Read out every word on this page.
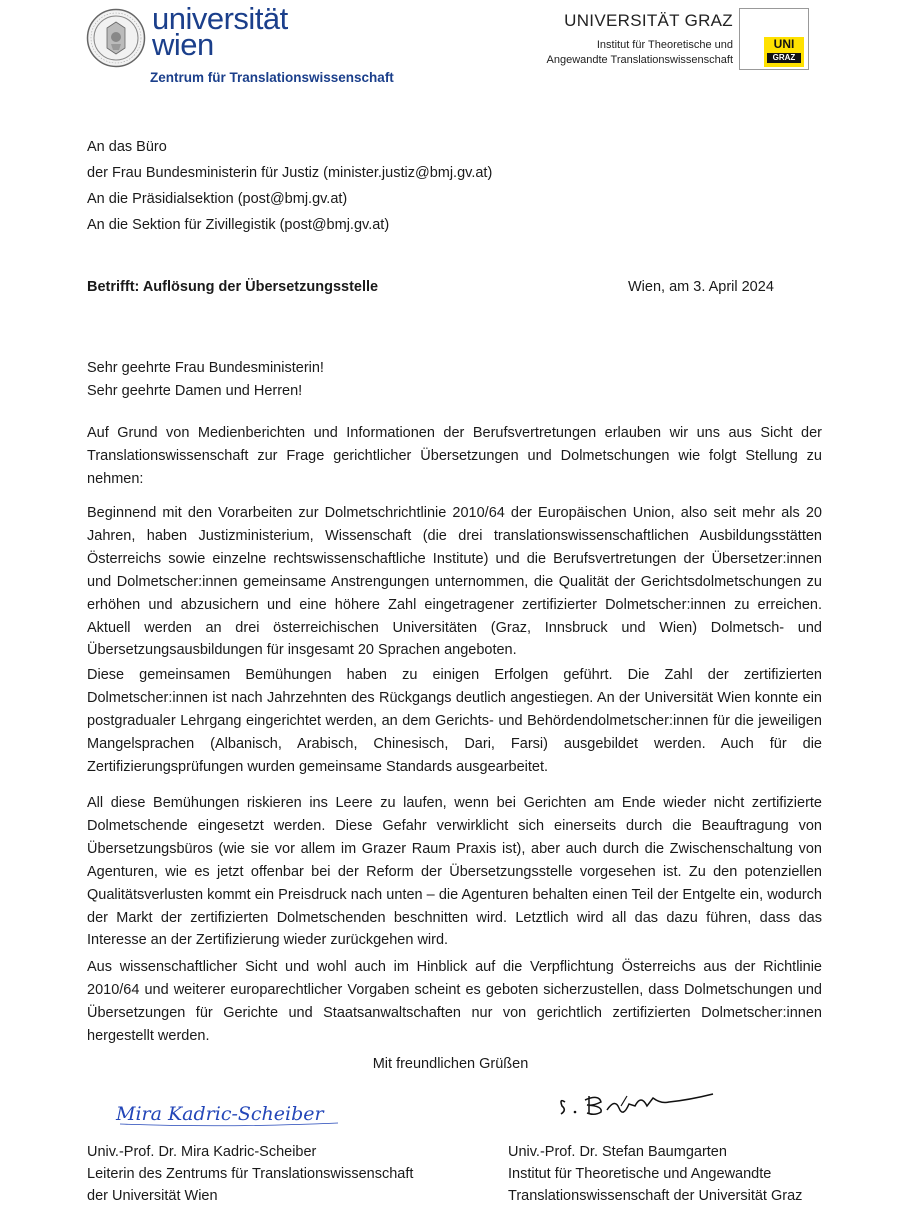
universität
wien
Zentrum für Translationswissenschaft
UNIVERSITÄT GRAZ
Institut für Theoretische und
Angewandte Translationswissenschaft
UNI
GRAZ
An das Büro
der Frau Bundesministerin für Justiz (minister.justiz@bmj.gv.at)
An die Präsidialsektion (post@bmj.gv.at)
An die Sektion für Zivillegistik (post@bmj.gv.at)
Betrifft: Auflösung der Übersetzungsstelle	Wien, am 3. April 2024
Sehr geehrte Frau Bundesministerin!
Sehr geehrte Damen und Herren!
Auf Grund von Medienberichten und Informationen der Berufsvertretungen erlauben wir uns aus Sicht der Translationswissenschaft zur Frage gerichtlicher Übersetzungen und Dolmetschungen wie folgt Stellung zu nehmen:
Beginnend mit den Vorarbeiten zur Dolmetschrichtlinie 2010/64 der Europäischen Union, also seit mehr als 20 Jahren, haben Justizministerium, Wissenschaft (die drei translationswissenschaftlichen Ausbildungsstätten Österreichs sowie einzelne rechtswissenschaftliche Institute) und die Berufsvertretungen der Übersetzer:innen und Dolmetscher:innen gemeinsame Anstrengungen unternommen, die Qualität der Gerichtsdolmetschungen zu erhöhen und abzusichern und eine höhere Zahl eingetragener zertifizierter Dolmetscher:innen zu erreichen. Aktuell werden an drei österreichischen Universitäten (Graz, Innsbruck und Wien) Dolmetsch- und Übersetzungsausbildungen für insgesamt 20 Sprachen angeboten.
Diese gemeinsamen Bemühungen haben zu einigen Erfolgen geführt. Die Zahl der zertifizierten Dolmetscher:innen ist nach Jahrzehnten des Rückgangs deutlich angestiegen. An der Universität Wien konnte ein postgradualer Lehrgang eingerichtet werden, an dem Gerichts- und Behördendolmetscher:innen für die jeweiligen Mangelsprachen (Albanisch, Arabisch, Chinesisch, Dari, Farsi) ausgebildet werden. Auch für die Zertifizierungsprüfungen wurden gemeinsame Standards ausgearbeitet.
All diese Bemühungen riskieren ins Leere zu laufen, wenn bei Gerichten am Ende wieder nicht zertifizierte Dolmetschende eingesetzt werden. Diese Gefahr verwirklicht sich einerseits durch die Beauftragung von Übersetzungsbüros (wie sie vor allem im Grazer Raum Praxis ist), aber auch durch die Zwischenschaltung von Agenturen, wie es jetzt offenbar bei der Reform der Übersetzungsstelle vorgesehen ist. Zu den potenziellen Qualitätsverlusten kommt ein Preisdruck nach unten – die Agenturen behalten einen Teil der Entgelte ein, wodurch der Markt der zertifizierten Dolmetschenden beschnitten wird. Letztlich wird all das dazu führen, dass das Interesse an der Zertifizierung wieder zurückgehen wird.
Aus wissenschaftlicher Sicht und wohl auch im Hinblick auf die Verpflichtung Österreichs aus der Richtlinie 2010/64 und weiterer europarechtlicher Vorgaben scheint es geboten sicherzustellen, dass Dolmetschungen und Übersetzungen für Gerichte und Staatsanwaltschaften nur von gerichtlich zertifizierten Dolmetscher:innen hergestellt werden.
Mit freundlichen Grüßen
Mira Kadric-Scheiber
Univ.-Prof. Dr. Mira Kadric-Scheiber
Leiterin des Zentrums für Translationswissenschaft
der Universität Wien
Univ.-Prof. Dr. Stefan Baumgarten
Institut für Theoretische und Angewandte
Translationswissenschaft der Universität Graz
